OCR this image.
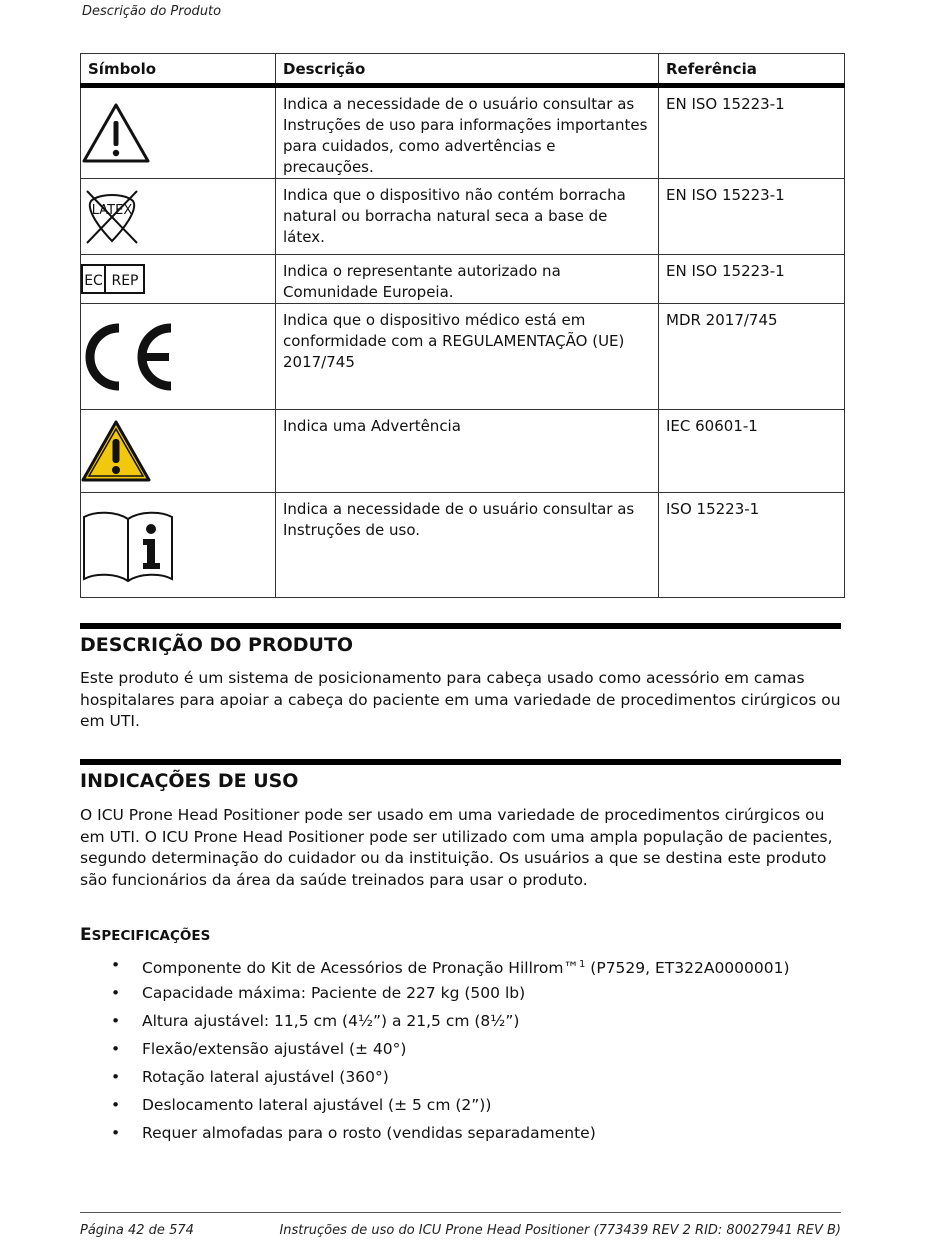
Descrição do Produto
Símbolo	Descrição	Referência
	Indica a necessidade de o usuário consultar as Instruções de uso para informações importantes para cuidados, como advertências e precauções.	EN ISO 15223-1

LATEX	Indica que o dispositivo não contém borracha natural ou borracha natural seca a base de látex.	EN ISO 15223-1

EC REP	Indica o representante autorizado na Comunidade Europeia.	EN ISO 15223-1
	Indica que o dispositivo médico está em conformidade com a REGULAMENTAÇÃO (UE) 2017/745	MDR 2017/745
	Indica uma Advertência	IEC 60601-1
	Indica a necessidade de o usuário consultar as Instruções de uso.	ISO 15223-1
DESCRIÇÃO DO PRODUTO
Este produto é um sistema de posicionamento para cabeça usado como acessório em camas hospitalares para apoiar a cabeça do paciente em uma variedade de procedimentos cirúrgicos ou em UTI.
INDICAÇÕES DE USO
O ICU Prone Head Positioner pode ser usado em uma variedade de procedimentos cirúrgicos ou em UTI. O ICU Prone Head Positioner pode ser utilizado com uma ampla população de pacientes, segundo determinação do cuidador ou da instituição. Os usuários a que se destina este produto são funcionários da área da saúde treinados para usar o produto.
ESPECIFICAÇÕES
• Componente do Kit de Acessórios de Pronação Hillrom™$^1$ (P7529, ET322A0000001)
• Capacidade máxima: Paciente de 227 kg (500 lb)
• Altura ajustável: 11,5 cm (4½”) a 21,5 cm (8½”)
• Flexão/extensão ajustável (± 40°)
• Rotação lateral ajustável (360°)
• Deslocamento lateral ajustável (± 5 cm (2”))
• Requer almofadas para o rosto (vendidas separadamente)
Página 42 de 574	Instruções de uso do ICU Prone Head Positioner (773439 REV 2 RID: 80027941 REV B)
